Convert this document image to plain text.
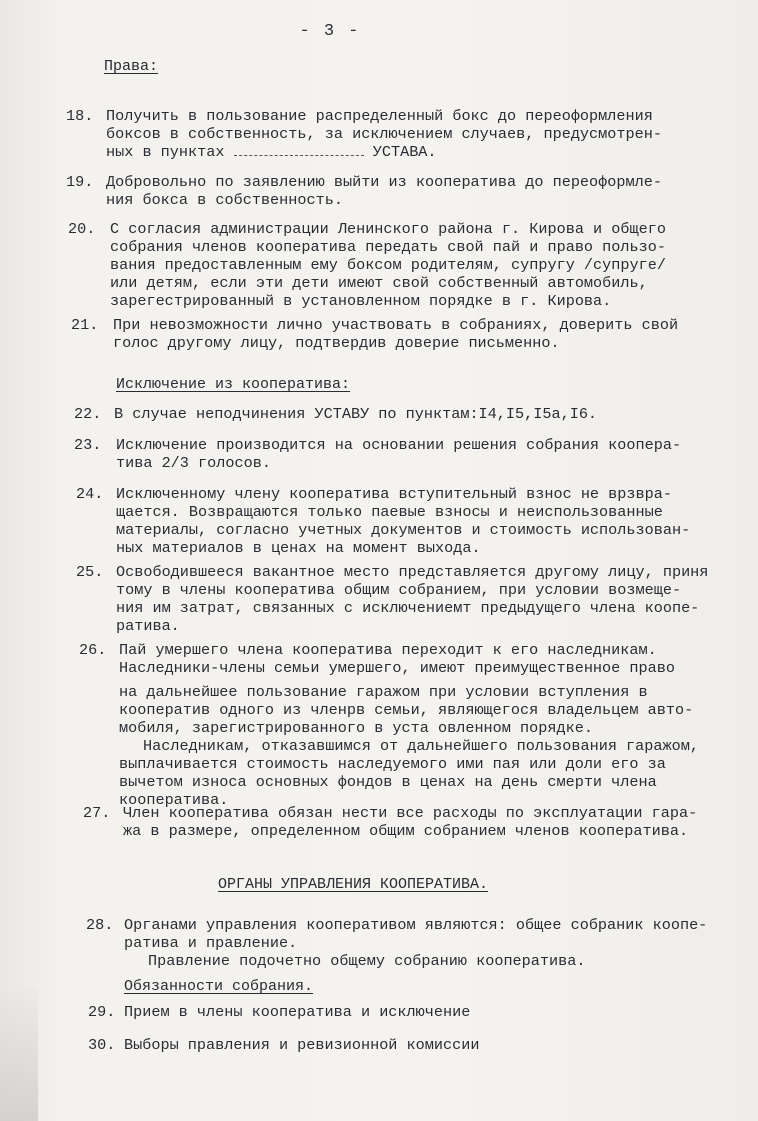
- 3 -
Права:
18. Получить в пользование распределенный бокс до переоформления
боксов в собственность, за исключением случаев, предусмотрен-
ных в пунктах	УСТАВА.
19. Добровольно по заявлению выйти из кооператива до переоформле-
ния бокса в собственность.
20. С согласия администрации Ленинского района г. Кирова и общего
собрания членов кооператива передать свой пай и право пользо-
вания предоставленным ему боксом родителям, супругу /супруге/
или детям, если эти дети имеют свой собственный автомобиль,
зарегестрированный в установленном порядке в г. Кирова.
21. При невозможности лично участвовать в собраниях, доверить свой
голос другому лицу, подтвердив доверие письменно.
Исключение из кооператива:
22. В случае неподчинения УСТАВУ по пунктам:I4,I5,I5а,I6.
23. Исключение производится на основании решения собрания коопера-
тива 2/3 голосов.
24. Исключенному члену кооператива вступительный взнос не врзвра-
щается. Возвращаются только паевые взносы и неиспользованные
материалы, согласно учетных документов и стоимость использован-
ных материалов в ценах на момент выхода.
25. Освободившееся вакантное место представляется другому лицу, приня
тому в члены кооператива общим собранием, при условии возмеще-
ния им затрат, связанных с исключениемт предыдущего члена коопе-
ратива.
26. Пай умершего члена кооператива переходит к его наследникам.
Наследники-члены семьи умершего, имеют преимущественное право
на дальнейшее пользование гаражом при условии вступления в
кооператив одного из членрв семьи, являющегося владельцем авто-
мобиля, зарегистрированного в уста овленном порядке.
Наследникам, отказавшимся от дальнейшего пользования гаражом,
выплачивается стоимость наследуемого ими пая или доли его за
вычетом износа основных фондов в ценах на день смерти члена
кооператива.
27. Член кооператива обязан нести все расходы по эксплуатации гара-
жа в размере, определенном общим собранием членов кооператива.
ОРГАНЫ УПРАВЛЕНИЯ КООПЕРАТИВА.
28. Органами управления кооперативом являются: общее собраник коопе-
ратива и правление.
Правление подочетно общему собранию кооператива.
Обязанности собрания.
29. Прием в члены кооператива и исключение
30. Выборы правления и ревизионной комиссии
